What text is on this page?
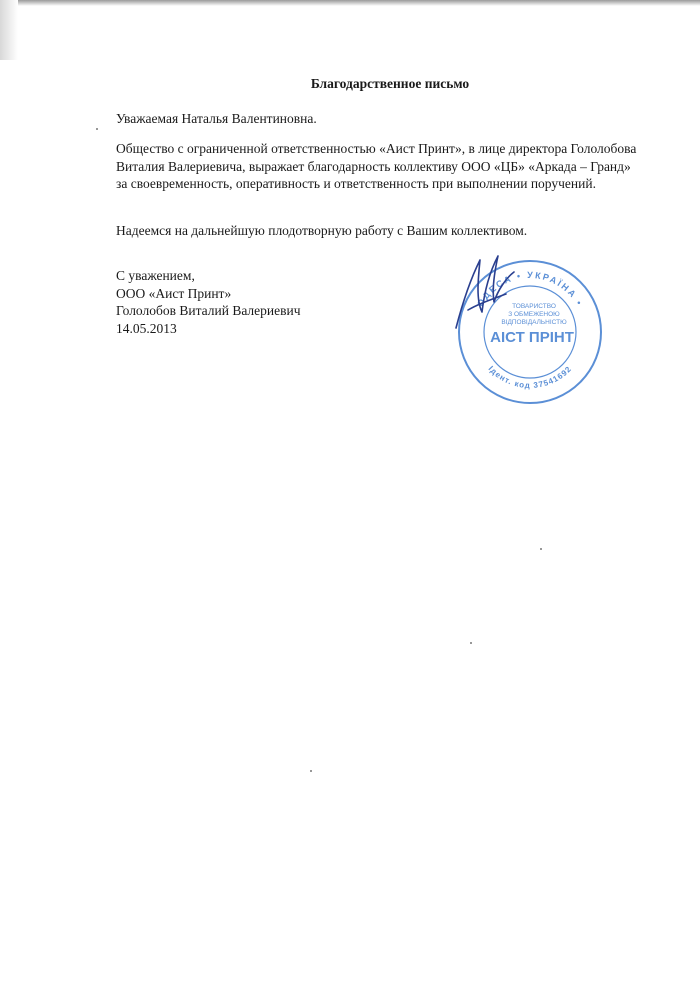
Благодарственное письмо
Уважаемая Наталья Валентиновна.
Общество с ограниченной ответственностью «Аист Принт», в лице директора Гололобова
Виталия Валериевича, выражает благодарность коллективу ООО «ЦБ» «Аркада – Гранд»
за своевременность, оперативность и ответственность при выполнении поручений.
Надеемся на дальнейшую плодотворную работу с Вашим коллективом.
С уважением,
ООО «Аист Принт»
Гололобов Виталий Валериевич
14.05.2013
ОДЕСА • УКРАЇНА •
Ідент. код 37541692
ТОВАРИСТВО
З ОБМЕЖЕНОЮ
ВІДПОВІДАЛЬНІСТЮ
АІСТ ПРІНТ
